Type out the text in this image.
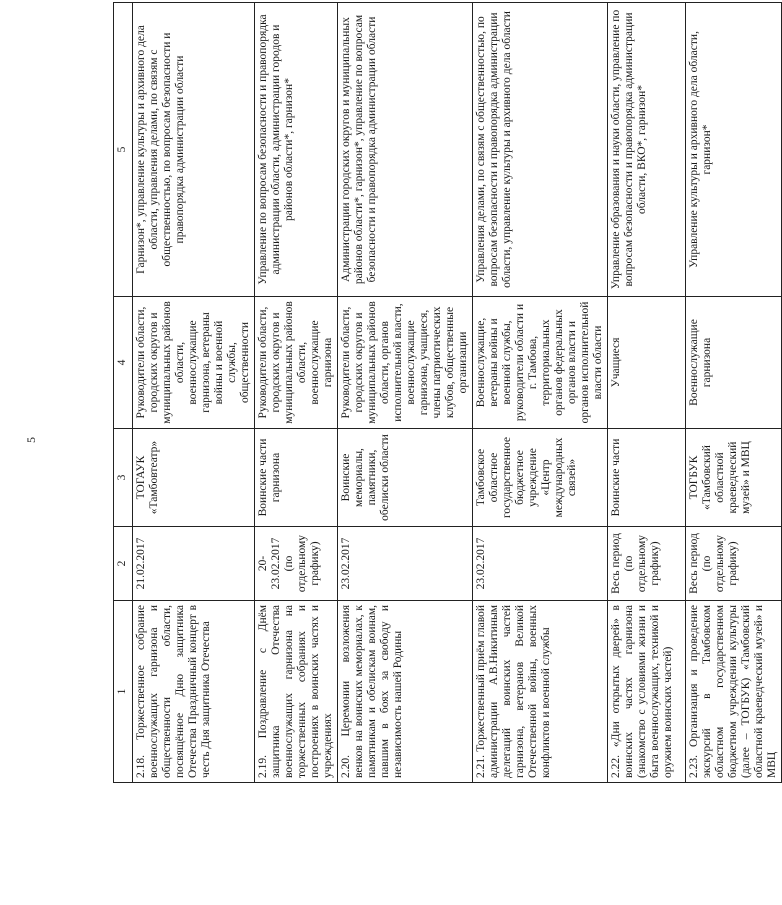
5
1	2	3	4	5
2.18. Торжественное собрание военнослужащих гарнизона и общественности области, посвящённое Дню защитника Отечества Праздничный концерт в честь Дня защитника Отечества	21.02.2017	ТОГАУК «Тамбовтеатр»	Руководители области, городских округов и муниципальных районов области, военнослужащие гарнизона, ветераны войны и военной службы, общественности	Гарнизон*, управление культуры и архивного дела области, управления делами, по связям с общественностью, по вопросам безопасности и правопорядка администрации области
2.19. Поздравление с Днём защитника Отечества военнослужащих гарнизона на торжественных собраниях и построениях в воинских частях и учреждениях	20-23.02.2017 (по отдельному графику)	Воинские части гарнизона	Руководители области, городских округов и муниципальных районов области, военнослужащие гарнизона	Управление по вопросам безопасности и правопорядка администрации области, администрации городов и районов области*, гарнизон*
2.20. Церемонии возложения венков на воинских мемориалах, к памятникам и обелискам воинам, павшим в боях за свободу и независимость нашей Родины	23.02.2017	Воинские мемориалы, памятники, обелиски области	Руководители области, городских округов и муниципальных районов области, органов исполнительной власти, военнослужащие гарнизона, учащиеся, члены патриотических клубов, общественные организации	Администрации городских округов и муниципальных районов области*, гарнизон*, управление по вопросам безопасности и правопорядка администрации области
2.21. Торжественный приём главой администрации А.В.Никитиным делегаций воинских частей гарнизона, ветеранов Великой Отечественной войны, военных конфликтов и военной службы	23.02.2017	Тамбовское областное государственное бюджетное учреждение «Центр международных связей»	Военнослужащие, ветераны войны и военной службы, руководители области и г. Тамбова, территориальных органов федеральных органов власти и органов исполнительной власти области	Управления делами, по связям с общественностью, по вопросам безопасности и правопорядка администрации области, управление культуры и архивного дела области
2.22. «Дни открытых дверей» в воинских частях гарнизона (знакомство с условиями жизни и быта военнослужащих, техникой и оружием воинских частей)	Весь период (по отдельному графику)	Воинские части	Учащиеся	Управление образования и науки области, управление по вопросам безопасности и правопорядка администрации области, ВКО*, гарнизон*
2.23. Организация и проведение экскурсий в Тамбовском областном государственном бюджетном учреждении культуры (далее – ТОГБУК) «Тамбовский областной краеведческий музей» и МВЦ	Весь период (по отдельному графику)	ТОГБУК «Тамбовский областной краеведческий музей» и МВЦ	Военнослужащие гарнизона	Управление культуры и архивного дела области, гарнизон*
